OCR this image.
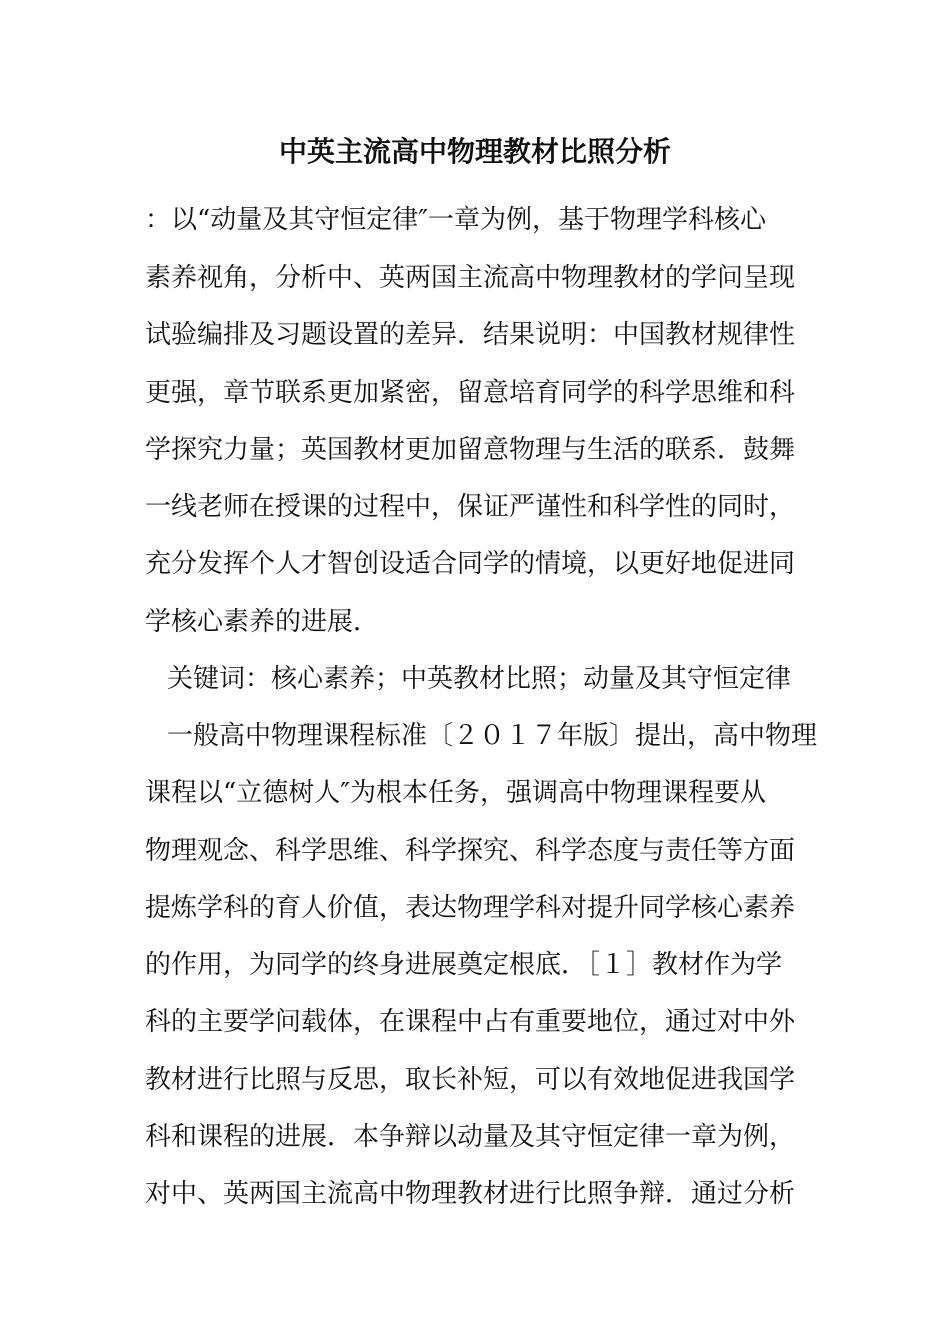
中英主流高中物理教材比照分析
：以“动量及其守恒定律″一章为例，基于物理学科核心
素养视角，分析中、英两国主流高中物理教材的学问呈现
试验编排及习题设置的差异．结果说明：中国教材规律性
更强，章节联系更加紧密，留意培育同学的科学思维和科
学探究力量；英国教材更加留意物理与生活的联系．鼓舞
一线老师在授课的过程中，保证严谨性和科学性的同时，
充分发挥个人才智创设适合同学的情境，以更好地促进同
学核心素养的进展．
关键词：核心素养；中英教材比照；动量及其守恒定律
一般高中物理课程标准〔２０１７年版〕提出，高中物理
课程以“立德树人″为根本任务，强调高中物理课程要从
物理观念、科学思维、科学探究、科学态度与责任等方面
提炼学科的育人价值，表达物理学科对提升同学核心素养
的作用，为同学的终身进展奠定根底．［１］教材作为学
科的主要学问载体，在课程中占有重要地位，通过对中外
教材进行比照与反思，取长补短，可以有效地促进我国学
科和课程的进展．本争辩以动量及其守恒定律一章为例，
对中、英两国主流高中物理教材进行比照争辩．通过分析
